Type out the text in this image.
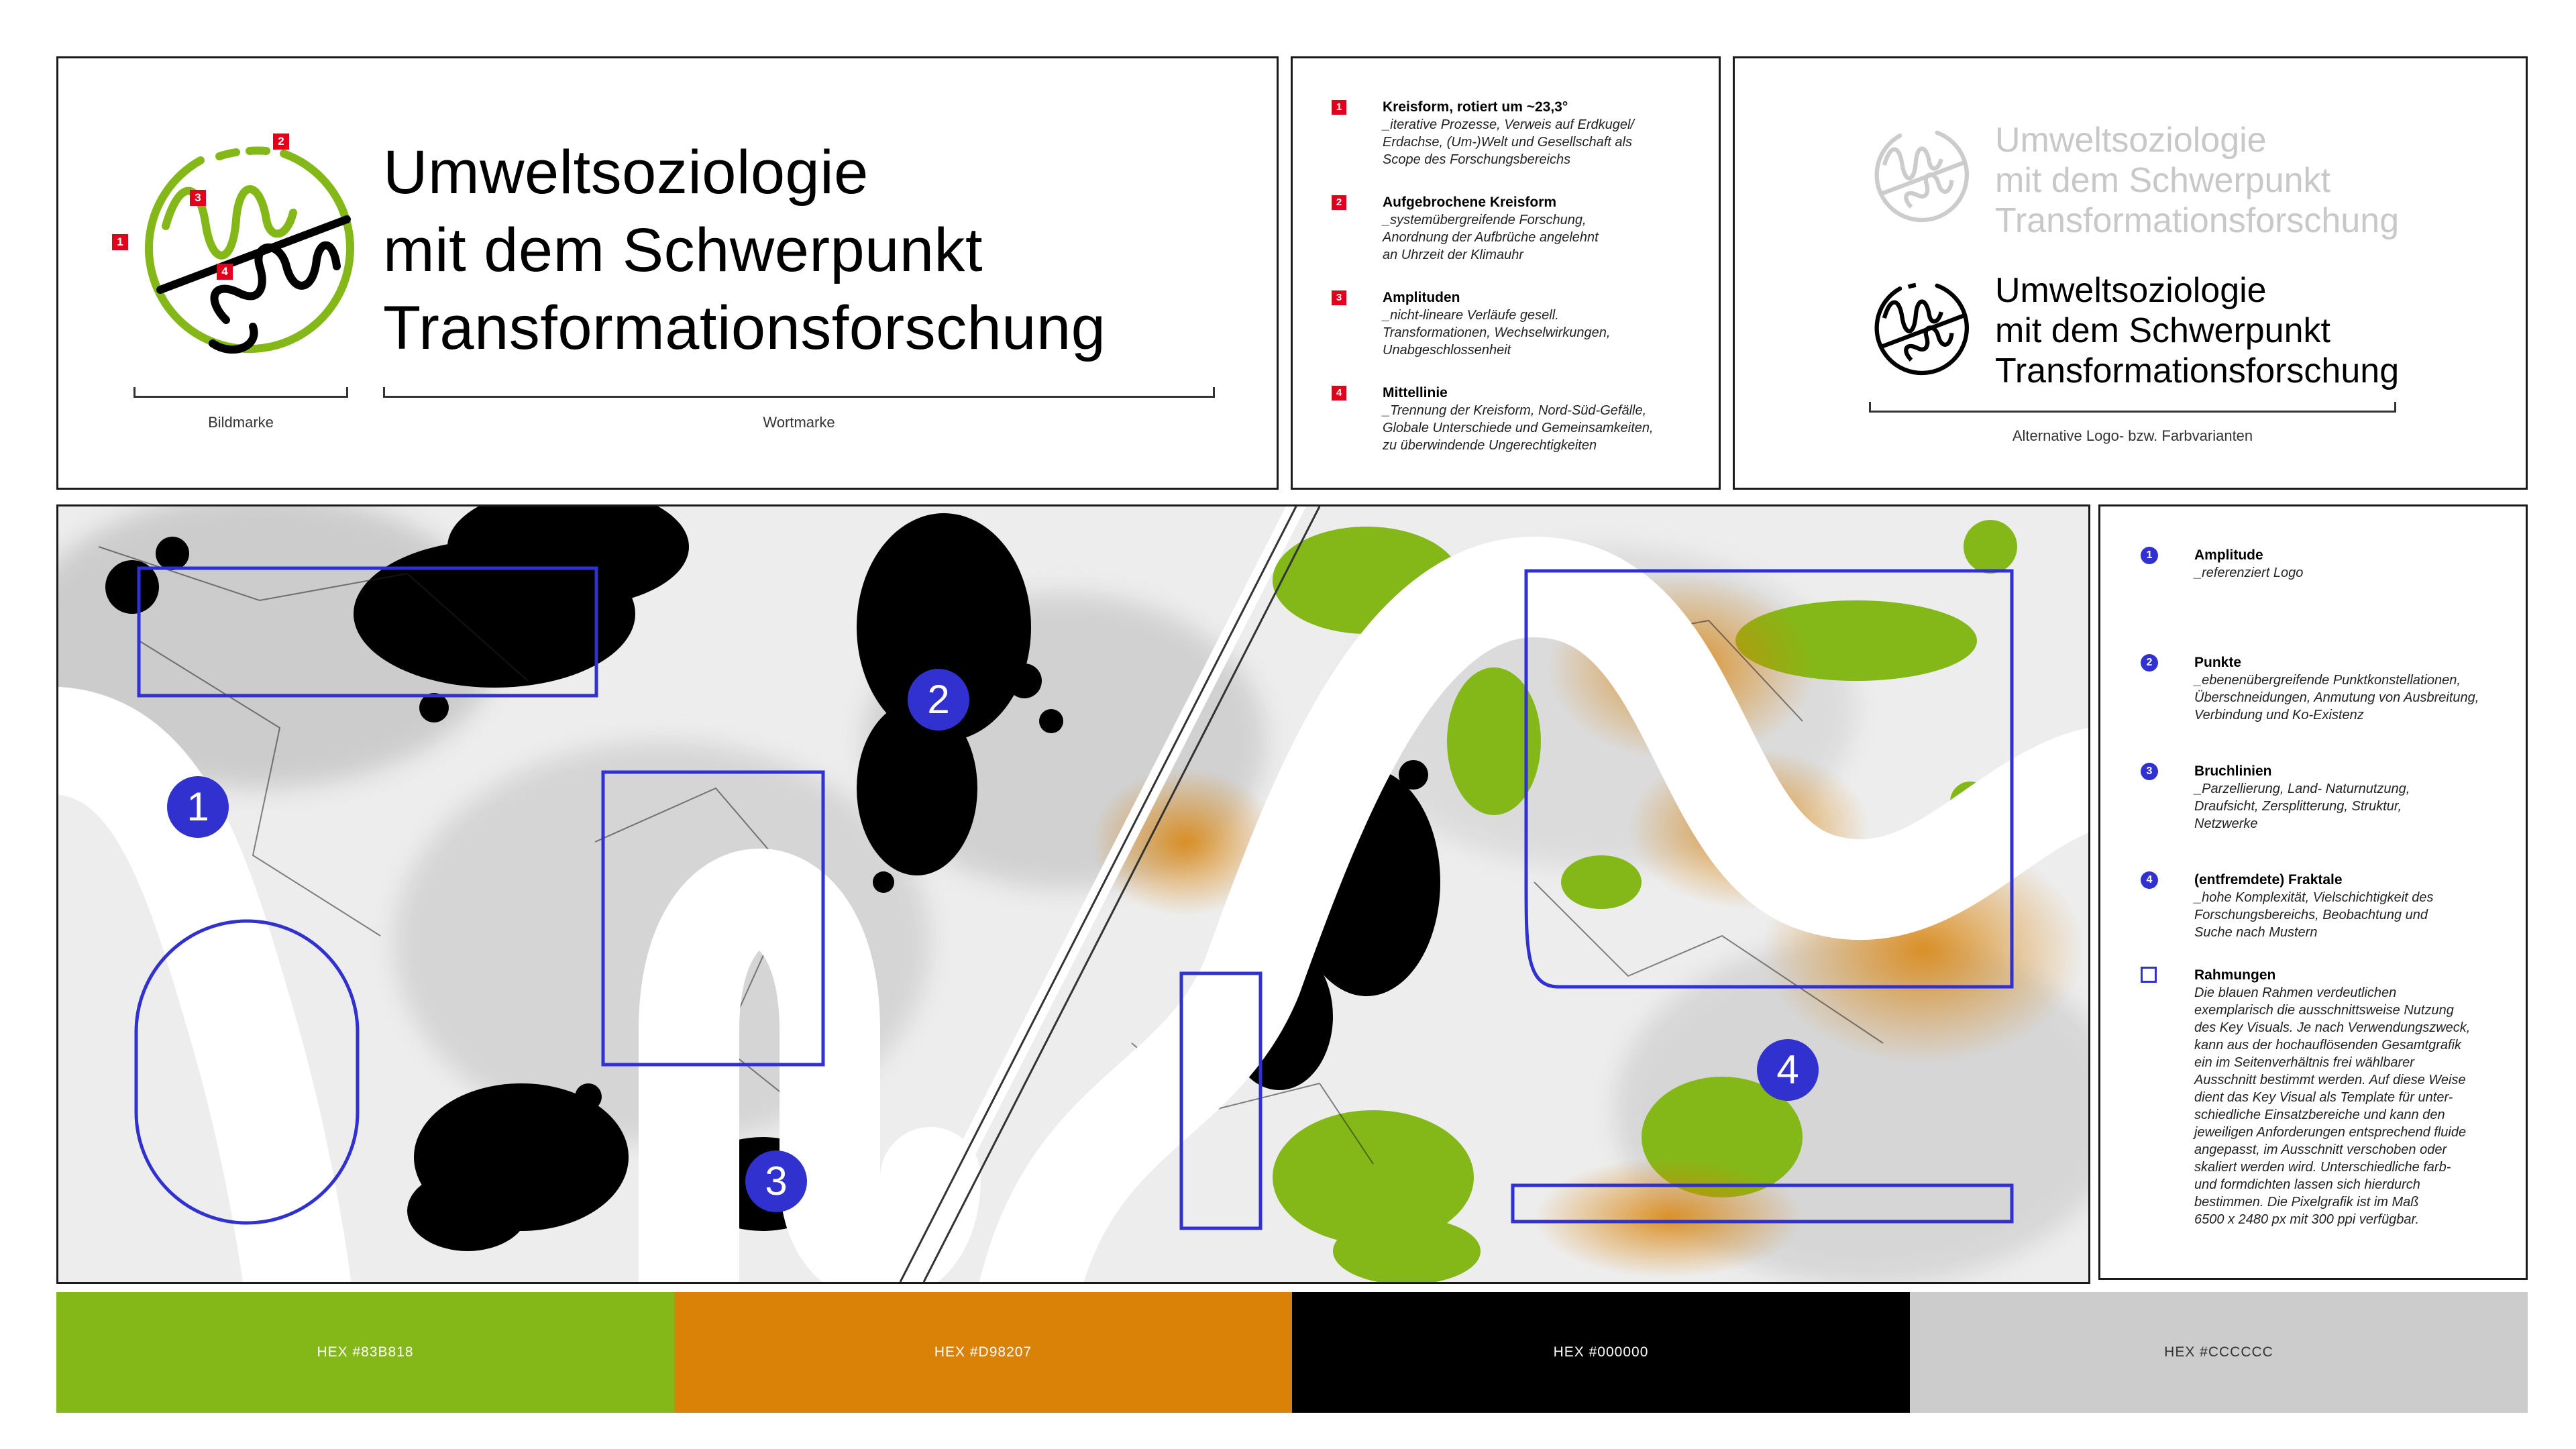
1
2
3
4
Umweltsoziologie
mit dem Schwerpunkt
Transformationsforschung
Bildmarke	Wortmarke
1	Kreisform, rotiert um ~23,3°
_iterative Prozesse, Verweis auf Erdkugel/
Erdachse, (Um-)Welt und Gesellschaft als
Scope des Forschungsbereichs
2	Aufgebrochene Kreisform
_systemübergreifende Forschung,
Anordnung der Aufbrüche angelehnt
an Uhrzeit der Klimauhr
3	Amplituden
_nicht-lineare Verläufe gesell.
Transformationen, Wechselwirkungen,
Unabgeschlossenheit
4	Mittellinie
_Trennung der Kreisform, Nord-Süd-Gefälle,
Globale Unterschiede und Gemeinsamkeiten,
zu überwindende Ungerechtigkeiten
Umweltsoziologie
mit dem Schwerpunkt
Transformationsforschung
Umweltsoziologie
mit dem Schwerpunkt
Transformationsforschung
Alternative Logo- bzw. Farbvarianten
1
2
3
4
1	Amplitude
_referenziert Logo
2	Punkte
_ebenenübergreifende Punktkonstellationen,
Überschneidungen, Anmutung von Ausbreitung,
Verbindung und Ko-Existenz
3	Bruchlinien
_Parzellierung, Land- Naturnutzung,
Draufsicht, Zersplitterung, Struktur,
Netzwerke
4	(entfremdete) Fraktale
_hohe Komplexität, Vielschichtigkeit des
Forschungsbereichs, Beobachtung und
Suche nach Mustern
Rahmungen
Die blauen Rahmen verdeutlichen
exemplarisch die ausschnittsweise Nutzung
des Key Visuals. Je nach Verwendungszweck,
kann aus der hochauflösenden Gesamtgrafik
ein im Seitenverhältnis frei wählbarer
Ausschnitt bestimmt werden. Auf diese Weise
dient das Key Visual als Template für unter-
schiedliche Einsatzbereiche und kann den
jeweiligen Anforderungen entsprechend fluide
angepasst, im Ausschnitt verschoben oder
skaliert werden wird. Unterschiedliche farb-
und formdichten lassen sich hierdurch
bestimmen. Die Pixelgrafik ist im Maß
6500 x 2480 px mit 300 ppi verfügbar.
HEX #83B818	HEX #D98207	HEX #000000	HEX #CCCCCC
